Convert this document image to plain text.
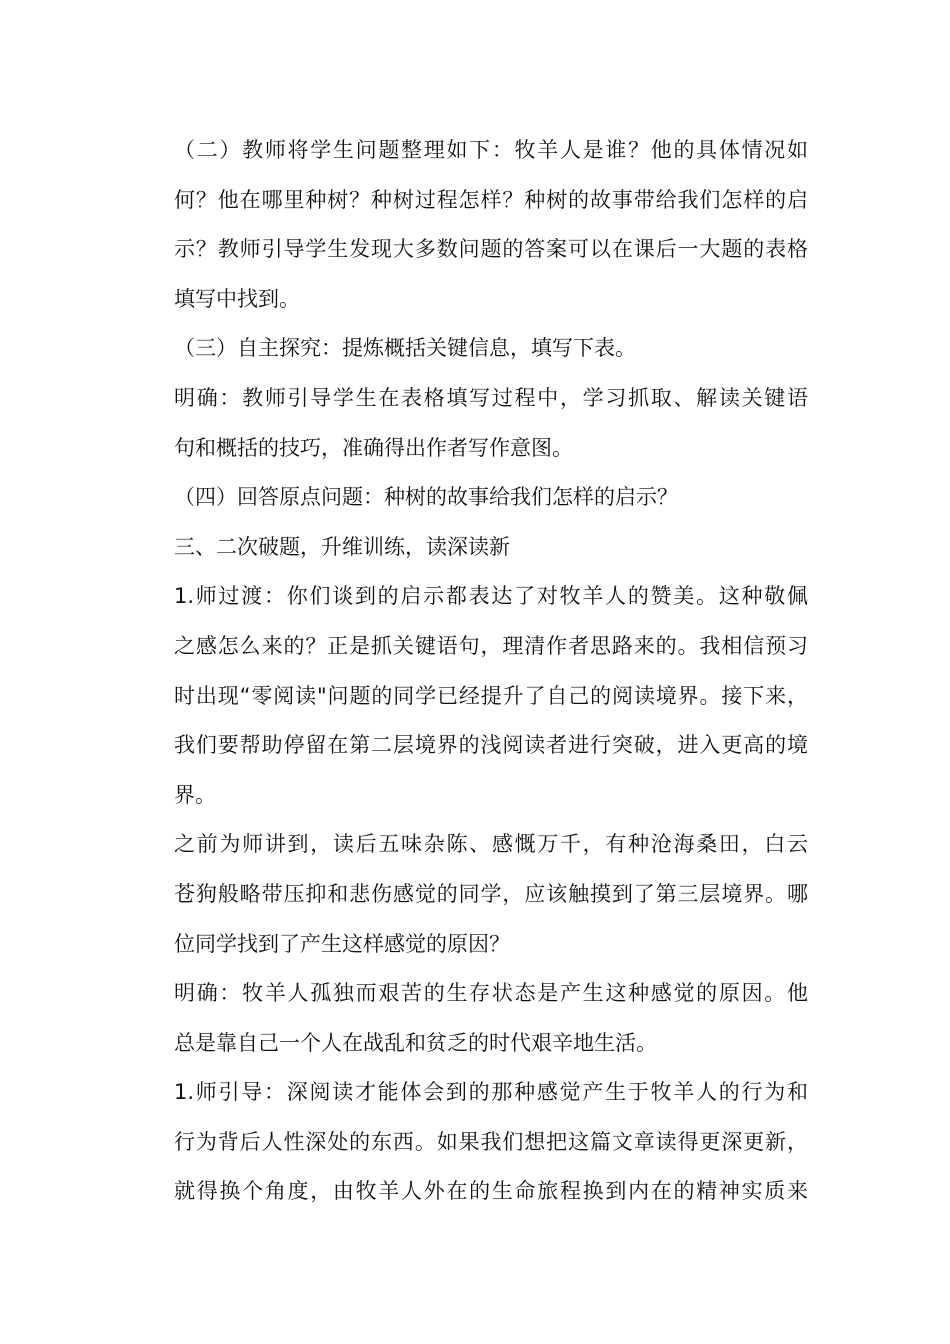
（二）教师将学生问题整理如下：牧羊人是谁？他的具体情况如
何？他在哪里种树？种树过程怎样？种树的故事带给我们怎样的启
示？教师引导学生发现大多数问题的答案可以在课后一大题的表格
填写中找到。

（三）自主探究：提炼概括关键信息，填写下表。

明确：教师引导学生在表格填写过程中，学习抓取、解读关键语
句和概括的技巧，准确得出作者写作意图。

（四）回答原点问题：种树的故事给我们怎样的启示？

三、二次破题，升维训练，读深读新

1.师过渡：你们谈到的启示都表达了对牧羊人的赞美。这种敬佩
之感怎么来的？正是抓关键语句，理清作者思路来的。我相信预习
时出现“零阅读"问题的同学已经提升了自己的阅读境界。接下来，
我们要帮助停留在第二层境界的浅阅读者进行突破，进入更高的境
界。

之前为师讲到，读后五味杂陈、感慨万千，有种沧海桑田，白云
苍狗般略带压抑和悲伤感觉的同学，应该触摸到了第三层境界。哪
位同学找到了产生这样感觉的原因？

明确：牧羊人孤独而艰苦的生存状态是产生这种感觉的原因。他
总是靠自己一个人在战乱和贫乏的时代艰辛地生活。

1.师引导：深阅读才能体会到的那种感觉产生于牧羊人的行为和
行为背后人性深处的东西。如果我们想把这篇文章读得更深更新，
就得换个角度，由牧羊人外在的生命旅程换到内在的精神实质来
